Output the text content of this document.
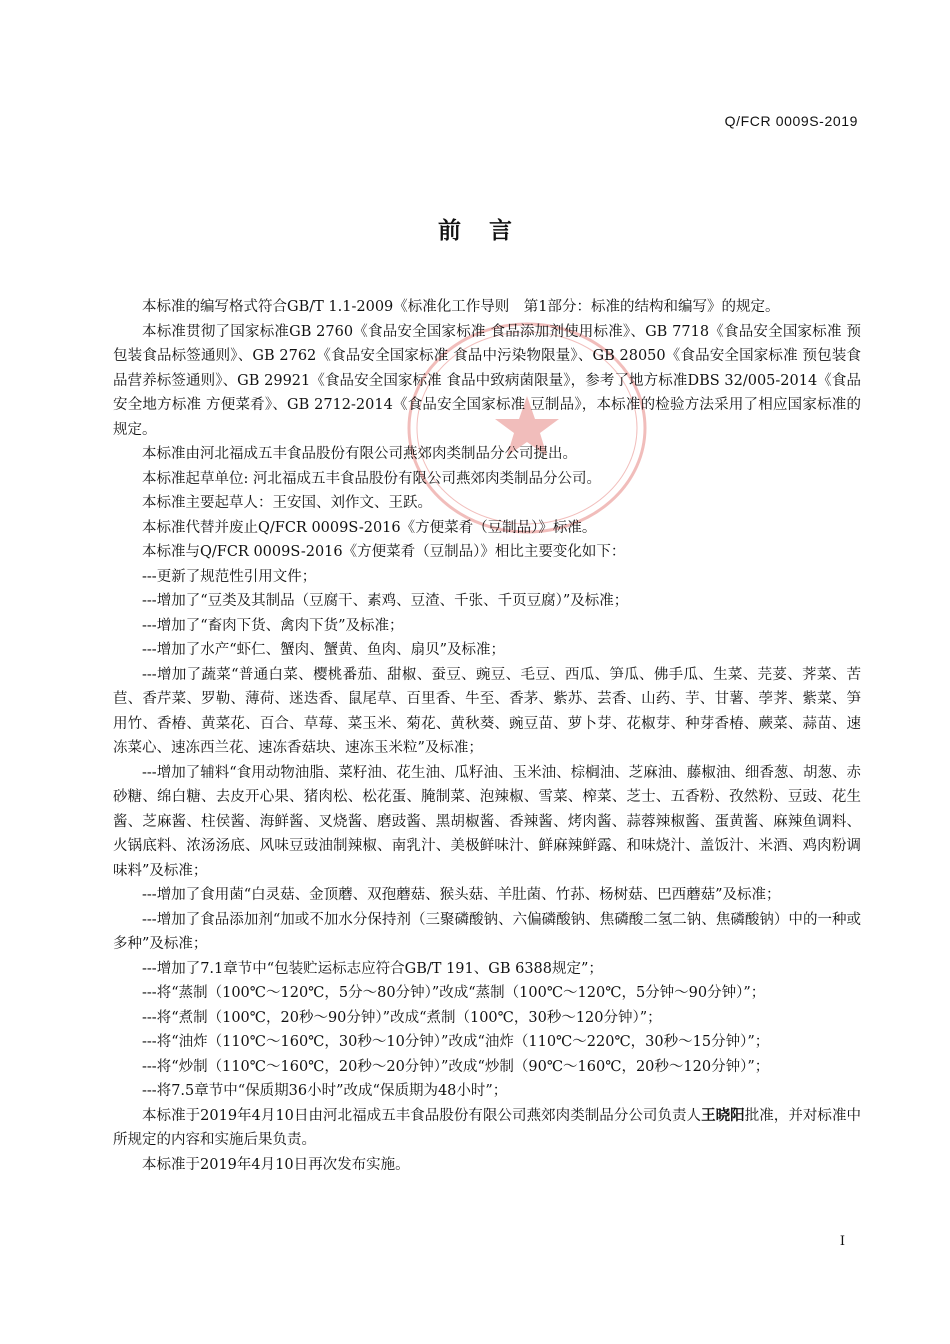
Q/FCR 0009S-2019
前言

本标准的编写格式符合GB/T 1.1-2009《标准化工作导则　第1部分：标准的结构和编写》的规定。

本标准贯彻了国家标准GB 2760《食品安全国家标准 食品添加剂使用标准》、GB 7718《食品安全国家标准 预包装食品标签通则》、GB 2762《食品安全国家标准 食品中污染物限量》、GB 28050《食品安全国家标准 预包装食品营养标签通则》、GB 29921《食品安全国家标准 食品中致病菌限量》，参考了地方标准DBS 32/005-2014《食品安全地方标准 方便菜肴》、GB 2712-2014《食品安全国家标准 豆制品》，本标准的检验方法采用了相应国家标准的规定。

本标准由河北福成五丰食品股份有限公司燕郊肉类制品分公司提出。

本标准起草单位: 河北福成五丰食品股份有限公司燕郊肉类制品分公司。

本标准主要起草人：王安国、刘作文、王跃。

本标准代替并废止Q/FCR 0009S-2016《方便菜肴（豆制品）》标准。

本标准与Q/FCR 0009S-2016《方便菜肴（豆制品）》相比主要变化如下：

---更新了规范性引用文件；

---增加了“豆类及其制品（豆腐干、素鸡、豆渣、千张、千页豆腐）”及标准；

---增加了“畜肉下货、禽肉下货”及标准；

---增加了水产“虾仁、蟹肉、蟹黄、鱼肉、扇贝”及标准；

---增加了蔬菜“普通白菜、樱桃番茄、甜椒、蚕豆、豌豆、毛豆、西瓜、笋瓜、佛手瓜、生菜、芫荽、荠菜、苦苣、香芹菜、罗勒、薄荷、迷迭香、鼠尾草、百里香、牛至、香茅、紫苏、芸香、山药、芋、甘薯、荸荠、紫菜、笋用竹、香椿、黄菜花、百合、草莓、菜玉米、菊花、黄秋葵、豌豆苗、萝卜芽、花椒芽、种芽香椿、蕨菜、蒜苗、速冻菜心、速冻西兰花、速冻香菇块、速冻玉米粒”及标准；

---增加了辅料“食用动物油脂、菜籽油、花生油、瓜籽油、玉米油、棕榈油、芝麻油、藤椒油、细香葱、胡葱、赤砂糖、绵白糖、去皮开心果、猪肉松、松花蛋、腌制菜、泡辣椒、雪菜、榨菜、芝士、五香粉、孜然粉、豆豉、花生酱、芝麻酱、柱侯酱、海鲜酱、叉烧酱、磨豉酱、黑胡椒酱、香辣酱、烤肉酱、蒜蓉辣椒酱、蛋黄酱、麻辣鱼调料、火锅底料、浓汤汤底、风味豆豉油制辣椒、南乳汁、美极鲜味汁、鲜麻辣鲜露、和味烧汁、盖饭汁、米酒、鸡肉粉调味料”及标准；

---增加了食用菌“白灵菇、金顶蘑、双孢蘑菇、猴头菇、羊肚菌、竹荪、杨树菇、巴西蘑菇”及标准；

---增加了食品添加剂“加或不加水分保持剂（三聚磷酸钠、六偏磷酸钠、焦磷酸二氢二钠、焦磷酸钠）中的一种或多种”及标准；

---增加了7.1章节中“包装贮运标志应符合GB/T 191、GB 6388规定”；

---将“蒸制（100℃～120℃，5分～80分钟）”改成“蒸制（100℃～120℃，5分钟～90分钟）”；

---将“煮制（100℃，20秒～90分钟）”改成“煮制（100℃，30秒～120分钟）”；

---将“油炸（110℃～160℃，30秒～10分钟）”改成“油炸（110℃～220℃，30秒～15分钟）”；

---将“炒制（110℃～160℃，20秒～20分钟）”改成“炒制（90℃～160℃，20秒～120分钟）”；

---将7.5章节中“保质期36小时”改成“保质期为48小时”；

本标准于2019年4月10日由河北福成五丰食品股份有限公司燕郊肉类制品分公司负责人王晓阳批准，并对标准中所规定的内容和实施后果负责。

本标准于2019年4月10日再次发布实施。

I
